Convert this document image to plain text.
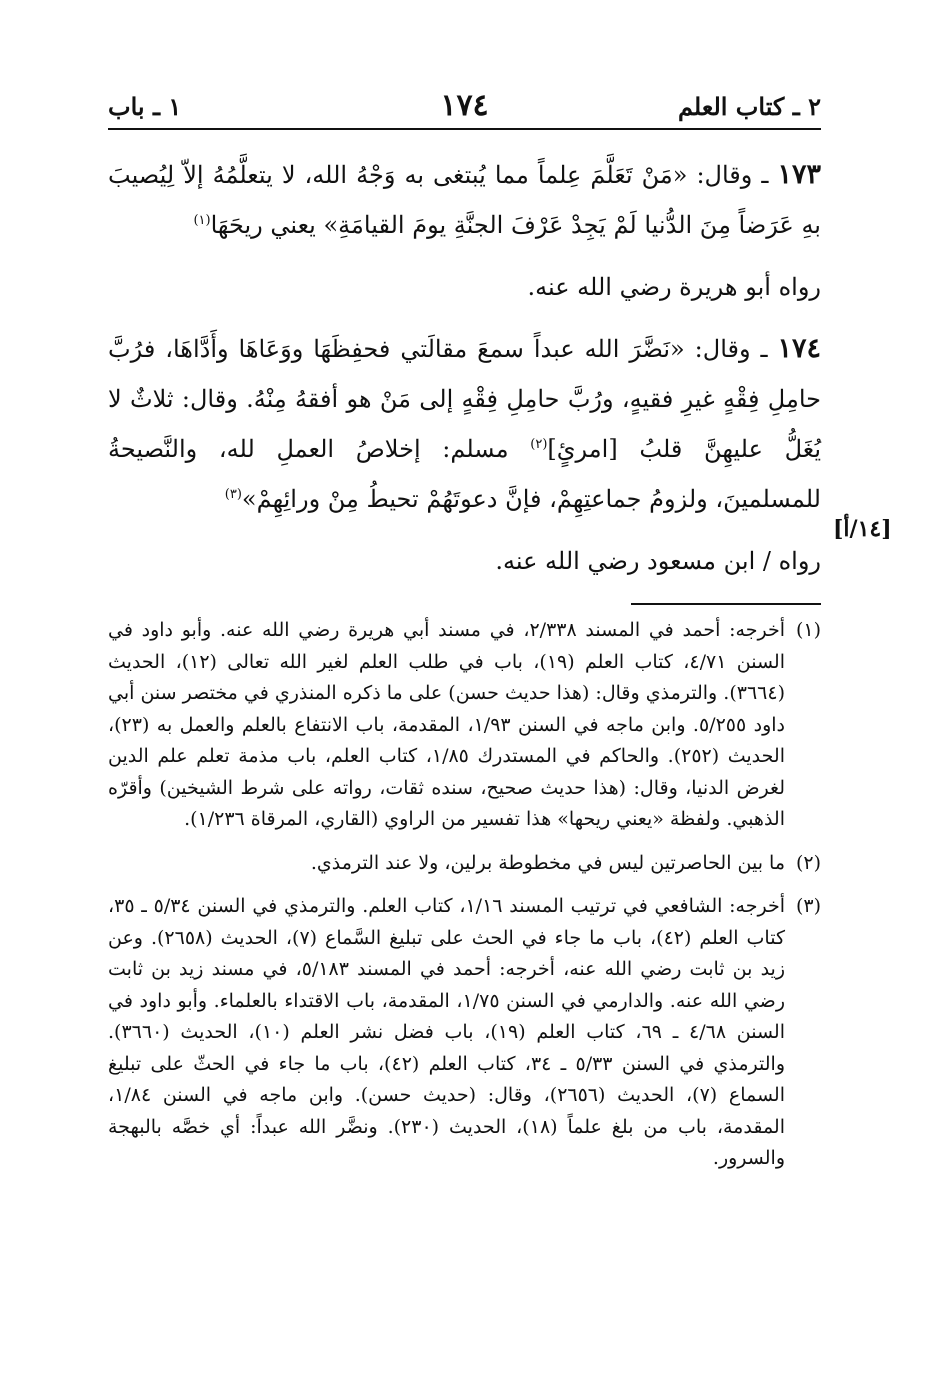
٢ ـ كتاب العلم
١٧٤
١ ـ باب

١٧٣ ـ وقال: «مَنْ تَعَلَّمَ عِلماً مما يُبتغى به وَجْهُ الله، لا يتعلَّمُهُ إلاّ لِيُصيبَ بهِ عَرَضاً مِنَ الدُّنيا لَمْ يَجِدْ عَرْفَ الجنَّةِ يومَ القيامَةِ» يعني ريحَهَا$^{(١)}$

رواه أبو هريرة رضي الله عنه.

١٧٤ ـ وقال: «نَضَّرَ الله عبداً سمعَ مقالَتي فحفِظَهَا ووَعَاهَا وأَدَّاهَا، فرُبَّ حامِلِ فِقْهٍ غيرِ فقيهٍ، ورُبَّ حامِلِ فِقْهٍ إلى مَنْ هو أفقهُ مِنْهُ. وقال: ثلاثٌ لا يُغَلُّ عليهِنَّ قلبُ [امرئٍ]$^{(٢)}$ مسلم: إخلاصُ العملِ لله، والنَّصيحةُ للمسلمينَ، ولزومُ جماعتِهِمْ، فإنَّ دعوتَهُمْ تحيطُ مِنْ ورائِهِمْ»$^{(٣)}$

رواه / ابن مسعود رضي الله عنه.

[١٤/أ]
(١)
أخرجه: أحمد في المسند ٢/٣٣٨، في مسند أبي هريرة رضي الله عنه. وأبو داود في السنن ٤/٧١، كتاب العلم (١٩)، باب في طلب العلم لغير الله تعالى (١٢)، الحديث (٣٦٦٤). والترمذي وقال: (هذا حديث حسن) على ما ذكره المنذري في مختصر سنن أبي داود ٥/٢٥٥. وابن ماجه في السنن ١/٩٣، المقدمة، باب الانتفاع بالعلم والعمل به (٢٣)، الحديث (٢٥٢). والحاكم في المستدرك ١/٨٥، كتاب العلم، باب مذمة تعلم علم الدين لغرض الدنيا، وقال: (هذا حديث صحيح، سنده ثقات، رواته على شرط الشيخين) وأقرّه الذهبي. ولفظة «يعني ريحها» هذا تفسير من الراوي (القاري، المرقاة ١/٢٣٦).
(٢)
ما بين الحاصرتين ليس في مخطوطة برلين، ولا عند الترمذي.
(٣)
أخرجه: الشافعي في ترتيب المسند ١/١٦، كتاب العلم. والترمذي في السنن ٥/٣٤ ـ ٣٥، كتاب العلم (٤٢)، باب ما جاء في الحث على تبليغ السَّماع (٧)، الحديث (٢٦٥٨). وعن زيد بن ثابت رضي الله عنه، أخرجه: أحمد في المسند ٥/١٨٣، في مسند زيد بن ثابت رضي الله عنه. والدارمي في السنن ١/٧٥، المقدمة، باب الاقتداء بالعلماء. وأبو داود في السنن ٤/٦٨ ـ ٦٩، كتاب العلم (١٩)، باب فضل نشر العلم (١٠)، الحديث (٣٦٦٠). والترمذي في السنن ٥/٣٣ ـ ٣٤، كتاب العلم (٤٢)، باب ما جاء في الحثّ على تبليغ السماع (٧)، الحديث (٢٦٥٦)، وقال: (حديث حسن). وابن ماجه في السنن ١/٨٤، المقدمة، باب من بلغ علماً (١٨)، الحديث (٢٣٠). ونضَّر الله عبداً: أي خصَّه بالبهجة والسرور.
